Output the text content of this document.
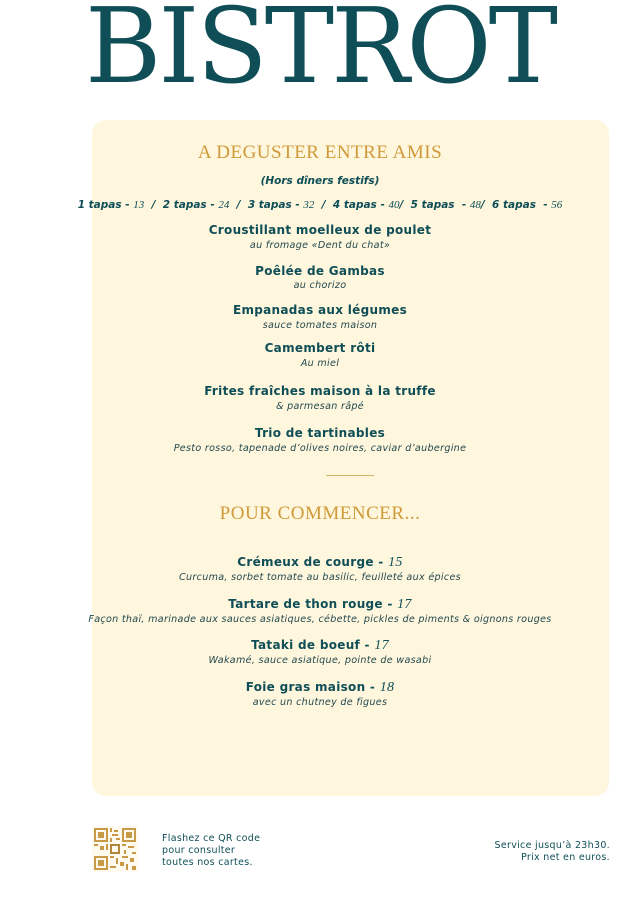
BISTROT
A DEGUSTER ENTRE AMIS
(Hors dîners festifs)
1 tapas - 13  /  2 tapas - 24  /  3 tapas - 32  /  4 tapas - 40/  5 tapas  - 48/  6 tapas  - 56
Croustillant moelleux de poulet
au fromage «Dent du chat»
Poêlée de Gambas
au chorizo
Empanadas aux légumes
sauce tomates maison
Camembert rôti
Au miel
Frites fraîches maison à la truffe
& parmesan râpé
Trio de tartinables
Pesto rosso, tapenade d’olives noires, caviar d’aubergine
POUR COMMENCER...
Crémeux de courge - 15
Curcuma, sorbet tomate au basilic, feuilleté aux épices
Tartare de thon rouge - 17
Façon thaï, marinade aux sauces asiatiques, cébette, pickles de piments & oignons rouges
Tataki de boeuf - 17
Wakamé, sauce asiatique, pointe de wasabi
Foie gras maison - 18
avec un chutney de figues
Flashez ce QR code
pour consulter
toutes nos cartes.
Service jusqu’à 23h30.
Prix net en euros.
